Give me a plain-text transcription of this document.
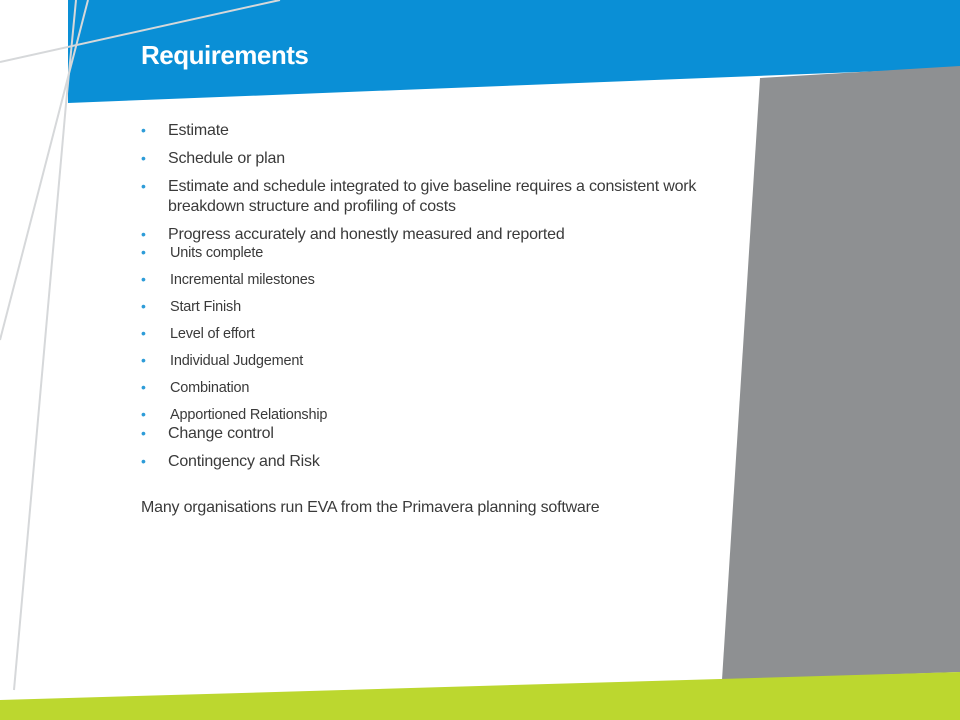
Requirements
• Estimate
• Schedule or plan
• Estimate and schedule integrated to give baseline requires a consistent work breakdown structure and profiling of costs
• Progress accurately and honestly measured and reported
• Units complete
• Incremental milestones
• Start Finish
• Level of effort
• Individual Judgement
• Combination
• Apportioned Relationship
• Change control
• Contingency and Risk
Many organisations run EVA from the Primavera planning software
